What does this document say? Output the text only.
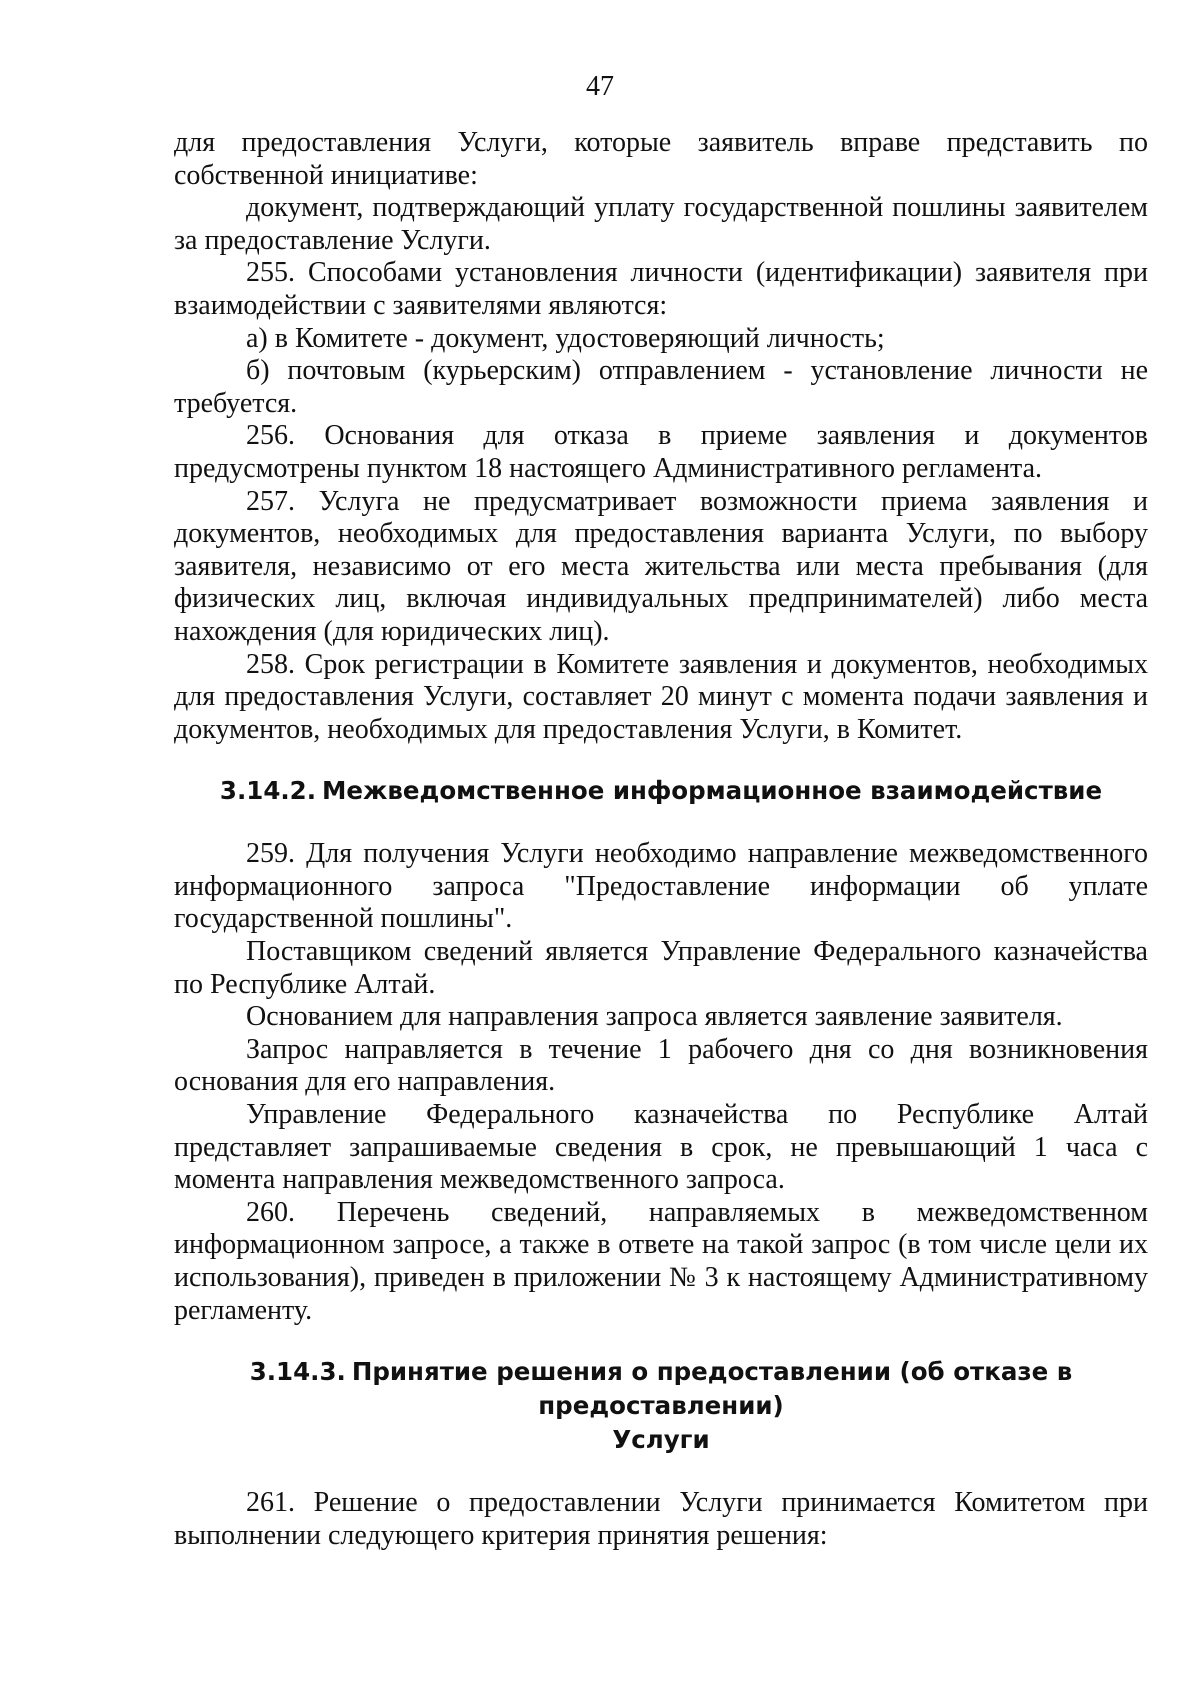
47

для предоставления Услуги, которые заявитель вправе представить по собственной инициативе:

документ, подтверждающий уплату государственной пошлины заявителем за предоставление Услуги.

255. Способами установления личности (идентификации) заявителя при взаимодействии с заявителями являются:

а) в Комитете - документ, удостоверяющий личность;

б) почтовым (курьерским) отправлением - установление личности не требуется.

256. Основания для отказа в приеме заявления и документов предусмотрены пунктом 18 настоящего Административного регламента.

257. Услуга не предусматривает возможности приема заявления и документов, необходимых для предоставления варианта Услуги, по выбору заявителя, независимо от его места жительства или места пребывания (для физических лиц, включая индивидуальных предпринимателей) либо места нахождения (для юридических лиц).

258. Срок регистрации в Комитете заявления и документов, необходимых для предоставления Услуги, составляет 20 минут с момента подачи заявления и документов, необходимых для предоставления Услуги, в Комитет.

3.14.2. Межведомственное информационное взаимодействие

259. Для получения Услуги необходимо направление межведомственного информационного запроса "Предоставление информации об уплате государственной пошлины".

Поставщиком сведений является Управление Федерального казначейства по Республике Алтай.

Основанием для направления запроса является заявление заявителя.

Запрос направляется в течение 1 рабочего дня со дня возникновения основания для его направления.

Управление Федерального казначейства по Республике Алтай представляет запрашиваемые сведения в срок, не превышающий 1 часа с момента направления межведомственного запроса.

260. Перечень сведений, направляемых в межведомственном информационном запросе, а также в ответе на такой запрос (в том числе цели их использования), приведен в приложении № 3 к настоящему Административному регламенту.

3.14.3. Принятие решения о предоставлении (об отказе в предоставлении)
Услуги

261. Решение о предоставлении Услуги принимается Комитетом при выполнении следующего критерия принятия решения:
